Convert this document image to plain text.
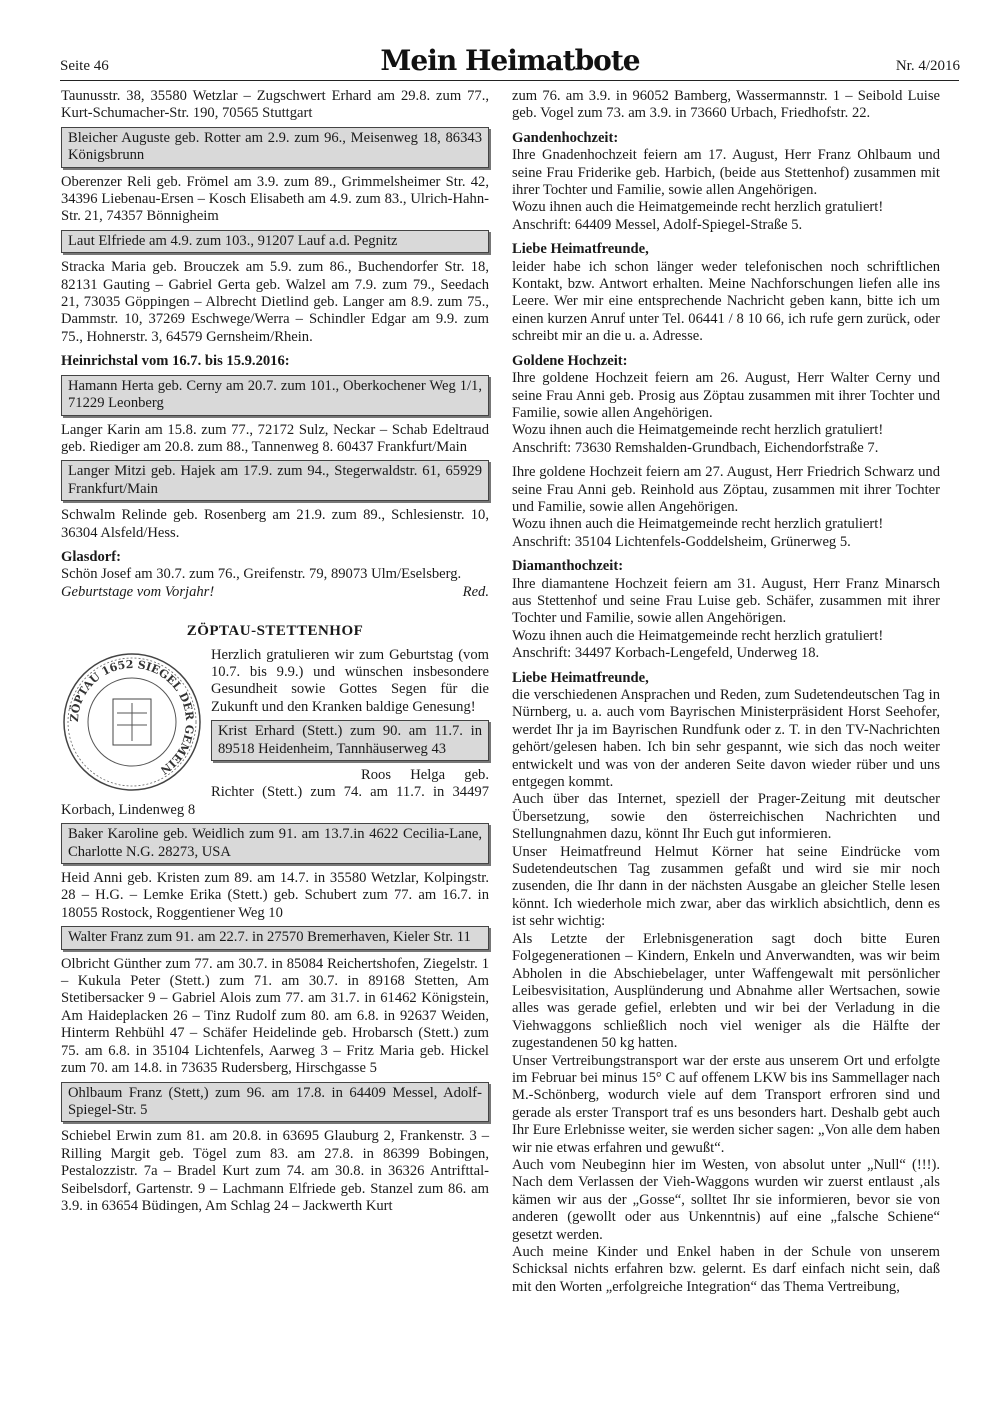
Seite 46	Mein Heimatbote	Nr. 4/2016

Taunusstr. 38, 35580 Wetzlar – Zugschwert Erhard am 29.8. zum 77., Kurt-Schumacher-Str. 190, 70565 Stuttgart

Bleicher Auguste geb. Rotter am 2.9. zum 96., Meisenweg 18, 86343 Königsbrunn

Oberenzer Reli geb. Frömel am 3.9. zum 89., Grimmelsheimer Str. 42, 34396 Liebenau-Ersen – Kosch Elisabeth am 4.9. zum 83., Ulrich-Hahn-Str. 21, 74357 Bönnigheim

Laut Elfriede am 4.9. zum 103., 91207 Lauf a.d. Pegnitz

Stracka Maria geb. Brouczek am 5.9. zum 86., Buchendorfer Str. 18, 82131 Gauting – Gabriel Gerta geb. Walzel am 7.9. zum 79., Seedach 21, 73035 Göppingen – Albrecht Dietlind geb. Langer am 8.9. zum 75., Dammstr. 10, 37269 Eschwege/Werra – Schindler Edgar am 9.9. zum 75., Hohnerstr. 3, 64579 Gernsheim/Rhein.

Heinrichstal vom 16.7. bis 15.9.2016:

Hamann Herta geb. Cerny am 20.7. zum 101., Oberkochener Weg 1/1, 71229 Leonberg

Langer Karin am 15.8. zum 77., 72172 Sulz, Neckar – Schab Edeltraud geb. Riediger am 20.8. zum 88., Tannenweg 8. 60437 Frankfurt/Main

Langer Mitzi geb. Hajek am 17.9. zum 94., Stegerwaldstr. 61, 65929 Frankfurt/Main

Schwalm Relinde geb. Rosenberg am 21.9. zum 89., Schlesienstr. 10, 36304 Alsfeld/Hess.

Glasdorf:

Schön Josef am 30.7. zum 76., Greifenstr. 79, 89073 Ulm/Eselsberg.

Geburtstage vom Vorjahr!	Red.

ZÖPTAU-STETTENHOF
ZÖPTAU 1652 SIEGEL DER GEMEIN

Herzlich gratulieren wir zum Geburtstag (vom 10.7. bis 9.9.) und wünschen insbesondere Gesundheit sowie Gottes Segen für die Zukunft und den Kranken baldige Genesung!

Krist Erhard (Stett.) zum 90. am 11.7. in 89518 Heidenheim, Tannhäuserweg 43

Roos Helga geb. Richter (Stett.) zum 74. am 11.7. in 34497 Korbach, Lindenweg 8

Baker Karoline geb. Weidlich zum 91. am 13.7.in 4622 Cecilia-Lane, Charlotte N.G. 28273, USA

Heid Anni geb. Kristen zum 89. am 14.7. in 35580 Wetzlar, Kolpingstr. 28 – H.G. – Lemke Erika (Stett.) geb. Schubert zum 77. am 16.7. in 18055 Rostock, Roggentiener Weg 10

Walter Franz zum 91. am 22.7. in 27570 Bremerhaven, Kieler Str. 11

Olbricht Günther zum 77. am 30.7. in 85084 Reichertshofen, Ziegelstr. 1 – Kukula Peter (Stett.) zum 71. am 30.7. in 89168 Stetten, Am Stetibersacker 9 – Gabriel Alois zum 77. am 31.7. in 61462 Königstein, Am Haideplacken 26 – Tinz Rudolf zum 80. am 6.8. in 92637 Weiden, Hinterm Rehbühl 47 – Schäfer Heidelinde geb. Hrobarsch (Stett.) zum 75. am 6.8. in 35104 Lichtenfels, Aarweg 3 – Fritz Maria geb. Hickel zum 70. am 14.8. in 73635 Rudersberg, Hirschgasse 5

Ohlbaum Franz (Stett,) zum 96. am 17.8. in 64409 Messel, Adolf-Spiegel-Str. 5

Schiebel Erwin zum 81. am 20.8. in 63695 Glauburg 2, Frankenstr. 3 – Rilling Margit geb. Tögel zum 83. am 27.8. in 86399 Bobingen, Pestalozzistr. 7a – Bradel Kurt zum 74. am 30.8. in 36326 Antrifttal-Seibelsdorf, Gartenstr. 9 – Lachmann Elfriede geb. Stanzel zum 86. am 3.9. in 63654 Büdingen, Am Schlag 24 – Jackwerth Kurt

zum 76. am 3.9. in 96052 Bamberg, Wassermannstr. 1 – Seibold Luise geb. Vogel zum 73. am 3.9. in 73660 Urbach, Friedhofstr. 22.

Gandenhochzeit:

Ihre Gnadenhochzeit feiern am 17. August, Herr Franz Ohlbaum und seine Frau Friderike geb. Harbich, (beide aus Stettenhof) zusammen mit ihrer Tochter und Familie, sowie allen Angehörigen.

Wozu ihnen auch die Heimatgemeinde recht herzlich gratuliert!

Anschrift: 64409 Messel, Adolf-Spiegel-Straße 5.

Liebe Heimatfreunde,

leider habe ich schon länger weder telefonischen noch schriftlichen Kontakt, bzw. Antwort erhalten. Meine Nachforschungen liefen alle ins Leere. Wer mir eine entsprechende Nachricht geben kann, bitte ich um einen kurzen Anruf unter Tel. 06441 / 8 10 66, ich rufe gern zurück, oder schreibt mir an die u. a. Adresse.

Goldene Hochzeit:

Ihre goldene Hochzeit feiern am 26. August, Herr Walter Cerny und seine Frau Anni geb. Prosig aus Zöptau zusammen mit ihrer Tochter und Familie, sowie allen Angehörigen.

Wozu ihnen auch die Heimatgemeinde recht herzlich gratuliert!

Anschrift: 73630 Remshalden-Grundbach, Eichendorfstraße 7.

Ihre goldene Hochzeit feiern am 27. August, Herr Friedrich Schwarz und seine Frau Anni geb. Reinhold aus Zöptau, zusammen mit ihrer Tochter und Familie, sowie allen Angehörigen.

Wozu ihnen auch die Heimatgemeinde recht herzlich gratuliert!

Anschrift: 35104 Lichtenfels-Goddelsheim, Grünerweg 5.

Diamanthochzeit:

Ihre diamantene Hochzeit feiern am 31. August, Herr Franz Minarsch aus Stettenhof und seine Frau Luise geb. Schäfer, zusammen mit ihrer Tochter und Familie, sowie allen Angehörigen.

Wozu ihnen auch die Heimatgemeinde recht herzlich gratuliert!

Anschrift: 34497 Korbach-Lengefeld, Underweg 18.

Liebe Heimatfreunde,

die verschiedenen Ansprachen und Reden, zum Sudetendeutschen Tag in Nürnberg, u. a. auch vom Bayrischen Ministerpräsident Horst Seehofer, werdet Ihr ja im Bayrischen Rundfunk oder z. T. in den TV-Nachrichten gehört/gelesen haben. Ich bin sehr gespannt, wie sich das noch weiter entwickelt und was von der anderen Seite davon wieder rüber und uns entgegen kommt.

Auch über das Internet, speziell der Prager-Zeitung mit deutscher Übersetzung, sowie den österreichischen Nachrichten und Stellungnahmen dazu, könnt Ihr Euch gut informieren.

Unser Heimatfreund Helmut Körner hat seine Eindrücke vom Sudetendeutschen Tag zusammen gefaßt und wird sie mir noch zusenden, die Ihr dann in der nächsten Ausgabe an gleicher Stelle lesen könnt. Ich wiederhole mich zwar, aber das wirklich absichtlich, denn es ist sehr wichtig:

Als Letzte der Erlebnisgeneration sagt doch bitte Euren Folgegenerationen – Kindern, Enkeln und Anverwandten, was wir beim Abholen in die Abschiebelager, unter Waffengewalt mit persönlicher Leibesvisitation, Ausplünderung und Abnahme aller Wertsachen, sowie alles was gerade gefiel, erlebten und wir bei der Verladung in die Viehwaggons schließlich noch viel weniger als die Hälfte der zugestandenen 50 kg hatten.

Unser Vertreibungstransport war der erste aus unserem Ort und erfolgte im Februar bei minus 15° C auf offenem LKW bis ins Sammellager nach M.-Schönberg, wodurch viele auf dem Transport erfroren sind und gerade als erster Transport traf es uns besonders hart. Deshalb gebt auch Ihr Eure Erlebnisse weiter, sie werden sicher sagen: „Von alle dem haben wir nie etwas erfahren und gewußt“.

Auch vom Neubeginn hier im Westen, von absolut unter „Null“ (!!!). Nach dem Verlassen der Vieh-Waggons wurden wir zuerst entlaust ‚als kämen wir aus der „Gosse“, solltet Ihr sie informieren, bevor sie von anderen (gewollt oder aus Unkenntnis) auf eine „falsche Schiene“ gesetzt werden.

Auch meine Kinder und Enkel haben in der Schule von unserem Schicksal nichts erfahren bzw. gelernt. Es darf einfach nicht sein, daß mit den Worten „erfolgreiche Integration“ das Thema Vertreibung,
